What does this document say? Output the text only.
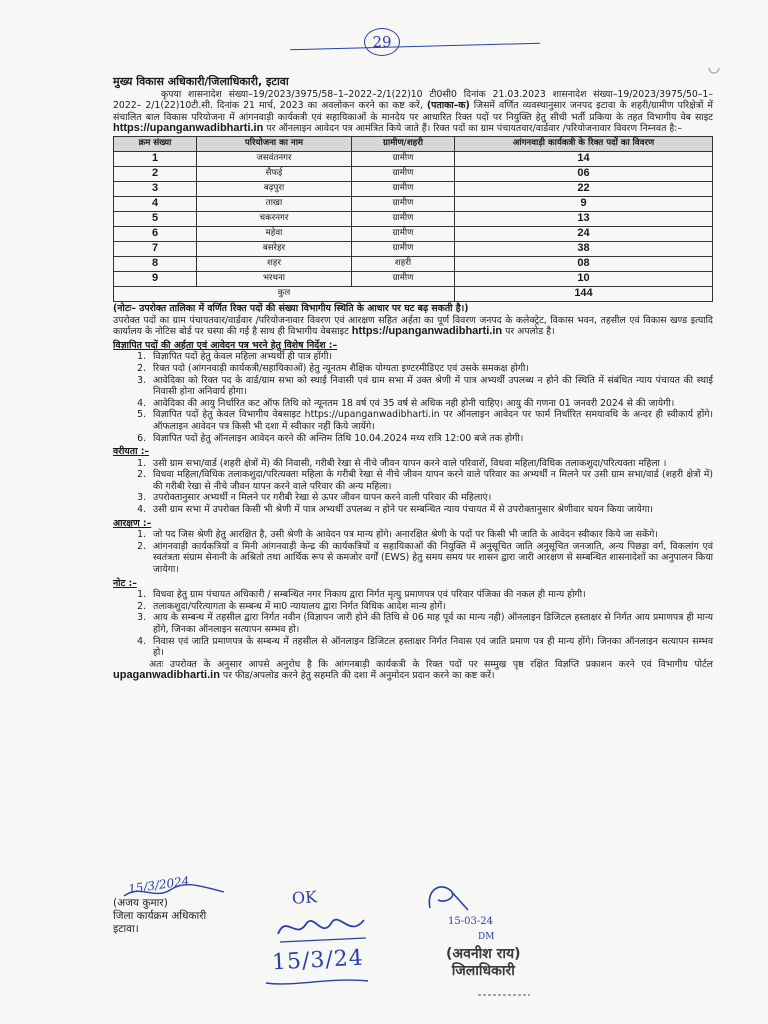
29
मुख्य विकास अधिकारी/जिलाधिकारी, इटावा

कृपया शासनादेश संख्या–19/2023/3975/58–1–2022–2/1(22)10 टी0सी0 दिनांक 21.03.2023 शासनादेश संख्या–19/2023/3975/50–1–2022– 2/1(22)10टी.सी. दिनांक 21 मार्च, 2023 का अवलोकन करने का कष्ट करें, (पताका–क) जिसमें वर्णित व्यवस्थानुसार जनपद इटावा के शहरी/ग्रामीण परिक्षेत्रों में संचालित बाल विकास परियोजना में आंगनवाड़ी कार्यकत्री एवं सहायिकाओं के मानदेय पर आधारित रिक्त पदों पर नियुक्ति हेतु सीधी भर्ती प्रकिया के तहत विभागीय वेब साइट https://upanganwadibharti.in पर ऑनलाइन आवेदन पत्र आमंत्रित किये जाते हैं। रिक्त पदों का ग्राम पंचायतवार/वार्डवार /परियोजनावार विवरण निम्नवत है:–

क्रम संख्या	परियोजना का नाम	ग्रामीण/शहरी	आंगनवाड़ी कार्यकत्री के रिक्त पदों का विवरण
1	जसवंतनगर	ग्रामीण	14
2	सैफई	ग्रामीण	06
3	बढ़पुरा	ग्रामीण	22
4	ताखा	ग्रामीण	9
5	चकरनगर	ग्रामीण	13
6	महेवा	ग्रामीण	24
7	बसरेहर	ग्रामीण	38
8	शहर	शहरी	08
9	भरथना	ग्रामीण	10
कुल			144

(नोटः– उपरोक्त तालिका में वर्णित रिक्त पदों की संख्या विभागीय स्थिति के आधार पर घट बढ़ सकती है।)

उपरोक्त पदों का ग्राम पंचायतवार/वार्डवार /परियोजनावार विवरण एवं आरक्षण सहित अर्हता का पूर्ण विवरण जनपद के कलेक्ट्रेट, विकास भवन, तहसील एवं विकास खण्ड इत्यादि कार्यालय के नोटिस बोर्ड पर चस्पा की गई है साथ ही विभागीय वेबसाइट https://upanganwadibharti.in पर अपलोड है।

विज्ञापित पदों की अर्हता एवं आवेदन पत्र भरने हेतु विशेष निर्देश :–
1. विज्ञापित पदों हेतु केवल महिला अभ्यर्थी ही पात्र होंगी।
2. रिक्त पदो (आंगनवाड़ी कार्यकत्री/सहायिकाओं) हेतु न्यूनतम शैक्षिक योग्यता इण्टरमीडिएट एवं उसके समकक्ष होगी।
3. आवेदिका को रिक्त पद के वार्ड/ग्राम सभा को स्थाई निवासी एवं ग्राम सभा में उक्त श्रेणी में पात्र अभ्यर्थी उपलब्ध न होने की स्थिति में संबंधित न्याय पंचायत की स्थाई निवासी होना अनिवार्य होगा।
4. आवेदिका की आयु निर्धारित कट ऑफ तिथि को न्यूनतम 18 वर्ष एवं 35 वर्ष से अधिक नही होनी चाहिए। आयु की गणना 01 जनवरी 2024 से की जायेगी।
5. विज्ञापित पदों हेतु केवल विभागीय वेबसाइट https://upanganwadibharti.in पर ऑनलाइन आवेदन पर फार्म निर्धारित समयावधि के अन्दर ही स्वीकार्य होंगे। ऑफलाइन आवेदन पत्र किसी भी दशा में स्वीकार नहीं किये जायेंगे।
6. विज्ञापित पदों हेतु ऑनलाइन आवेदन करने की अन्तिम तिथि 10.04.2024 मध्य रात्रि 12:00 बजे तक होगी।
वरीयता :–
1. उसी ग्राम सभा/वार्ड (शहरी क्षेत्रों में) की निवासी, गरीबी रेखा से नीचे जीवन यापन करने वाले परिवारों, विधवा महिला/विधिक तलाकशुदा/परित्यक्ता महिला ।
2. विधवा महिला/विधिक तलाकशुदा/परित्यक्ता महिला के गरीबी रेखा से नीचे जीवन यापन करने वाले परिवार का अभ्यर्थी न मिलने पर उसी ग्राम सभा/वार्ड (शहरी क्षेत्रों में) की गरीबी रेखा से नीचे जीवन यापन करने वाले परिवार की अन्य महिला।
3. उपरोक्तानुसार अभ्यर्थी न मिलने पर गरीबी रेखा से ऊपर जीवन यापन करने वाली परिवार की महिलाएं।
4. उसी ग्राम सभा में उपरोक्त किसी भी श्रेणी में पात्र अभ्यर्थी उपलब्ध न होने पर सम्बन्धित न्याय पंचायत में से उपरोक्तानुसार श्रेणीवार चयन किया जायेगा।
आरक्षण :–
1. जो पद जिस श्रेणी हेतु आरक्षित है, उसी श्रेणी के आवेदन पत्र मान्य होंगे। अनारक्षित श्रेणी के पदों पर किसी भी जाति के आवेदन स्वीकार किये जा सकेंगे।
2. आंगनवाड़ी कार्यकत्रियों व मिनी आंगनवाड़ी केन्द्र की कार्यकत्रियों व सहायिकाओं की नियुक्ति में अनुसूचित जाति अनुसूचित जनजाति, अन्य पिछड़ा वर्ग, विकलांग एवं स्वतंत्रता संग्राम सेनानी के अश्रितो तथा आर्थिक रूप से कमजोर वर्गों (EWS) हेतु समय समय पर शासन द्वारा जारी आरक्षण से सम्बन्धित शासनादेशों का अनुपालन किया जायेगा।
नोट :–
1. विधवा हेतु ग्राम पंचायत अधिकारी / सम्बन्धित नगर निकाय द्वारा निर्गत मृत्यु प्रमाणपत्र एवं परिवार पंजिका की नकल ही मान्य होगी।
2. तलाकशुदा/परित्यागता के सम्बन्ध में मा0 न्यायालय द्वारा निर्गत विधिक आदेश मान्य होगें।
3. आय के सम्बन्ध में तहसील द्वारा निर्गत नवीन (विज्ञापन जारी होने की तिथि से 06 माह पूर्व का मान्य नही) ऑनलाइन डिजिटल हस्ताक्षर से निर्गत आय प्रमाणपत्र ही मान्य होंगे, जिनका ऑनलाइन सत्यापन सम्भव हो।
4. निवास एवं जाति प्रमाणपत्र के सम्बन्ध में तहसील से ऑनलाइन डिजिटल हस्ताक्षर निर्गत निवास एवं जाति प्रमाण पत्र ही मान्य होंगे। जिनका ऑनलाइन सत्यापन सम्भव हो।

अतः उपरोक्त के अनुसार आपसे अनुरोध है कि आंगनबाड़ी कार्यकत्री के रिक्त पदों पर सम्मुख पृष्ठ रक्षित विज्ञप्ति प्रकाशन करने एवं विभागीय पोर्टल upaganwadibharti.in पर फीड/अपलोड करने हेतु सहमति की दशा में अनुमोदन प्रदान करने का कष्ट करें।

(अजय कुमार)
जिला कार्यक्रम अधिकारी
इटावा।
15/3/2024
OK
15/3/24
15-03-24
DM
(अवनीश राय)
जिलाधिकारी
